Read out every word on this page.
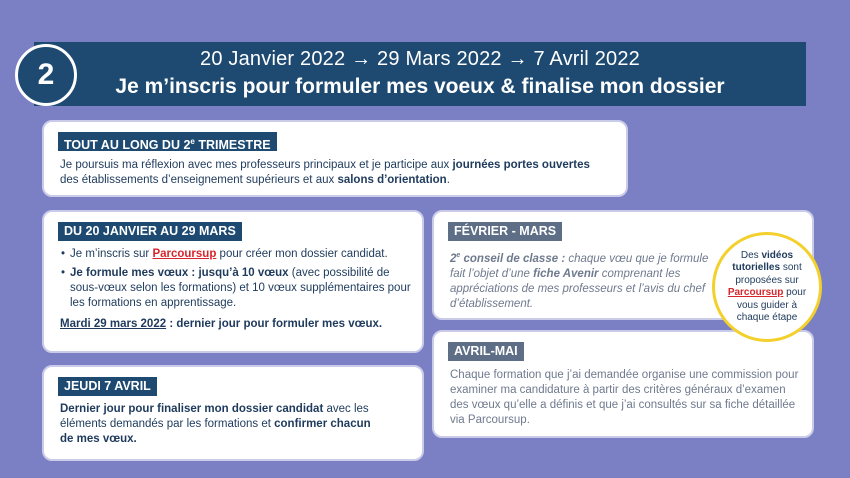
20 Janvier 2022 → 29 Mars 2022 → 7 Avril 2022
Je m’inscris pour formuler mes voeux & finalise mon dossier
2
TOUT AU LONG DU 2e TRIMESTRE
Je poursuis ma réflexion avec mes professeurs principaux et je participe aux journées portes ouvertes
des établissements d’enseignement supérieurs et aux salons d’orientation.
DU 20 JANVIER AU 29 MARS
• Je m’inscris sur Parcoursup pour créer mon dossier candidat.
• Je formule mes vœux : jusqu’à 10 vœux (avec possibilité de sous-vœux selon les formations) et 10 vœux supplémentaires pour les formations en apprentissage.
Mardi 29 mars 2022 : dernier jour pour formuler mes vœux.
JEUDI 7 AVRIL
Dernier jour pour finaliser mon dossier candidat avec les éléments demandés par les formations et confirmer chacun de mes vœux.
FÉVRIER - MARS
2e conseil de classe : chaque vœu que je formule fait l’objet d’une fiche Avenir comprenant les appréciations de mes professeurs et l’avis du chef d’établissement.
AVRIL-MAI
Chaque formation que j’ai demandée organise une commission pour examiner ma candidature à partir des critères généraux d’examen des vœux qu’elle a définis et que j’ai consultés sur sa fiche détaillée via Parcoursup.
Des vidéos tutorielles sont proposées sur Parcoursup pour vous guider à chaque étape
